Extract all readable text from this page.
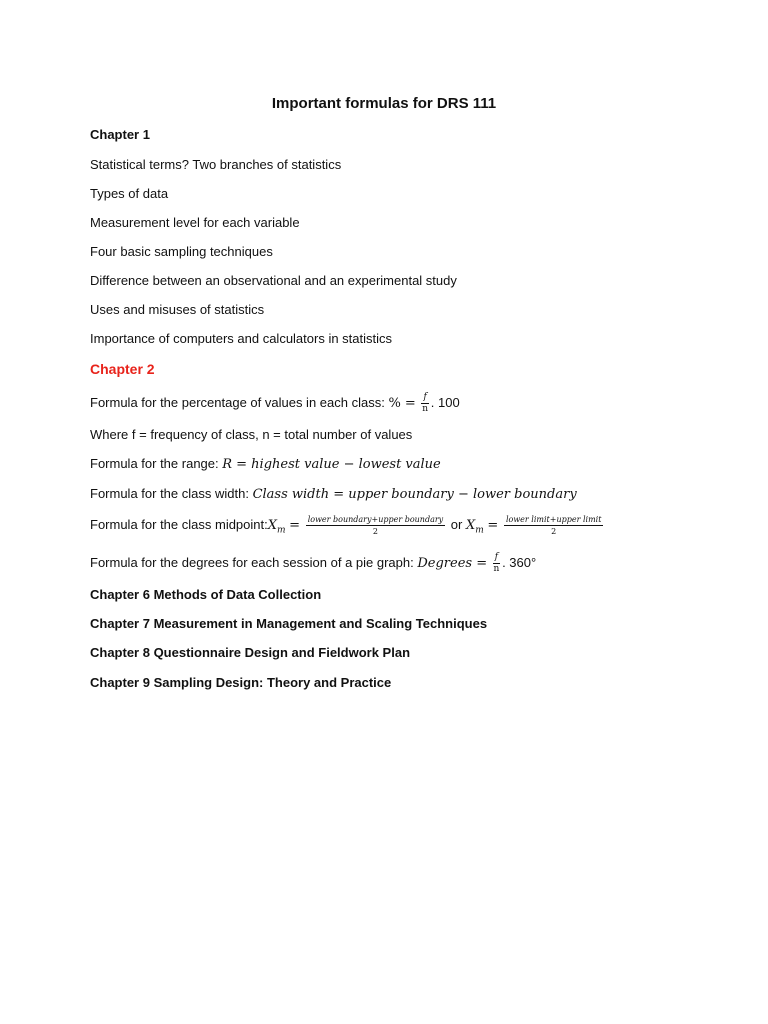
Important formulas for DRS 111
Chapter 1
Statistical terms? Two branches of statistics
Types of data
Measurement level for each variable
Four basic sampling techniques
Difference between an observational and an experimental study
Uses and misuses of statistics
Importance of computers and calculators in statistics
Chapter 2
Formula for the percentage of values in each class: % = $\frac{f}{n}$ . 100
Where f = frequency of class, n = total number of values
Formula for the range: R = highest value − lowest value
Formula for the class width: Class width = upper boundary − lower boundary
Formula for the class $midpoint:X_m = \frac{\text{lower boundary+upper boundary}}{2}$ or $X_m = \frac{\text{lower limit+upper limit}}{2}$
Formula for the degrees for each session of a pie graph: Degrees = $\frac{f}{n}$ . 360°
Chapter 6 Methods of Data Collection
Chapter 7 Measurement in Management and Scaling Techniques
Chapter 8 Questionnaire Design and Fieldwork Plan
Chapter 9 Sampling Design: Theory and Practice
